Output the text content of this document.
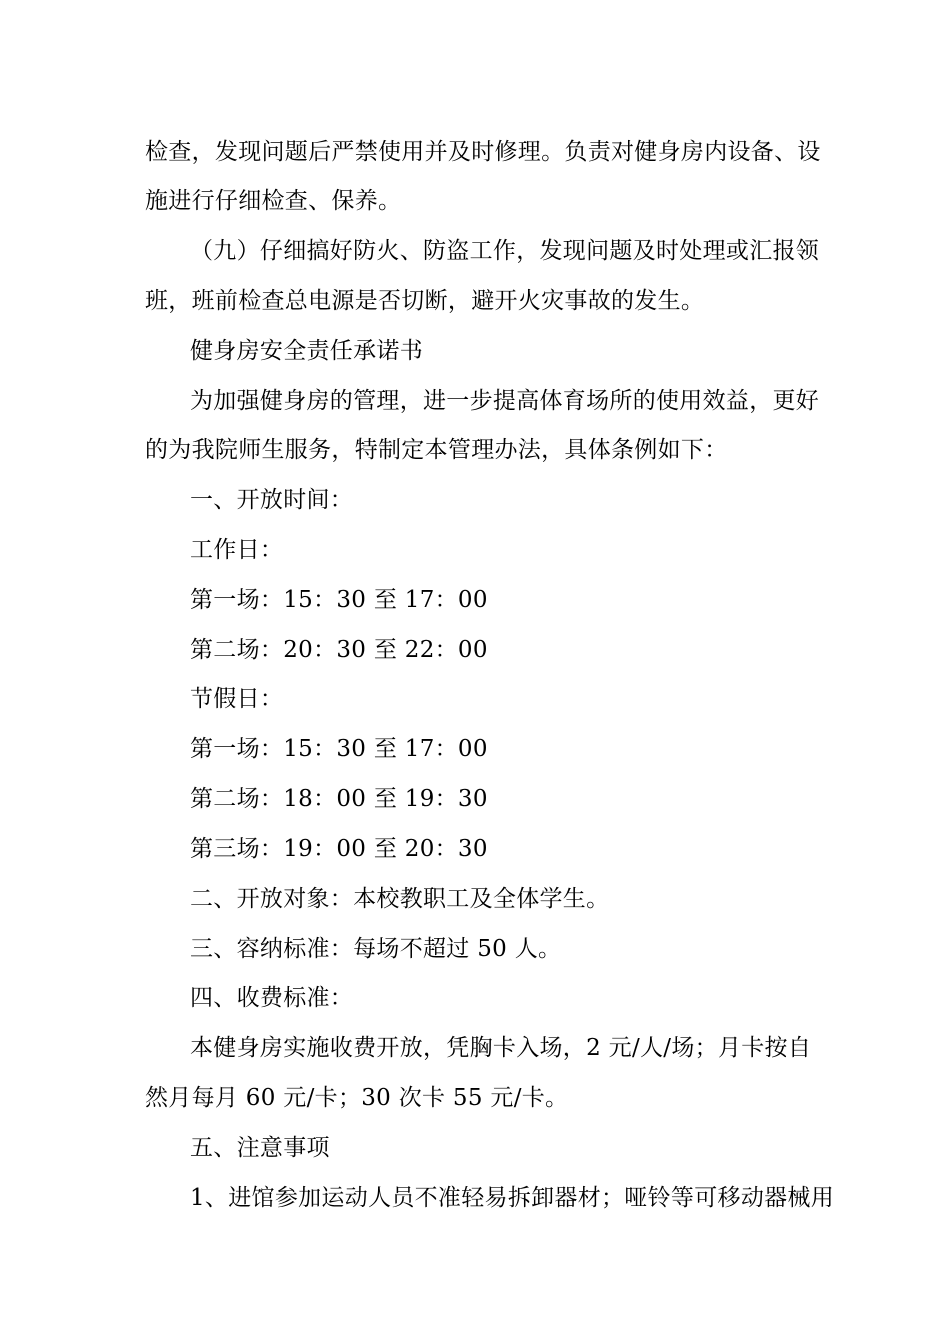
检查，发现问题后严禁使用并及时修理。负责对健身房内设备、设
施进行仔细检查、保养。
（九）仔细搞好防火、防盗工作，发现问题及时处理或汇报领
班，班前检查总电源是否切断，避开火灾事故的发生。
健身房安全责任承诺书
为加强健身房的管理，进一步提高体育场所的使用效益，更好
的为我院师生服务，特制定本管理办法，具体条例如下：
一、开放时间：
工作日：
第一场：15：30 至 17：00
第二场：20：30 至 22：00
节假日：
第一场：15：30 至 17：00
第二场：18：00 至 19：30
第三场：19：00 至 20：30
二、开放对象：本校教职工及全体学生。
三、容纳标准：每场不超过 50 人。
四、收费标准：
本健身房实施收费开放，凭胸卡入场，2 元/人/场；月卡按自
然月每月 60 元/卡；30 次卡 55 元/卡。
五、注意事项
1、进馆参加运动人员不准轻易拆卸器材；哑铃等可移动器械用
